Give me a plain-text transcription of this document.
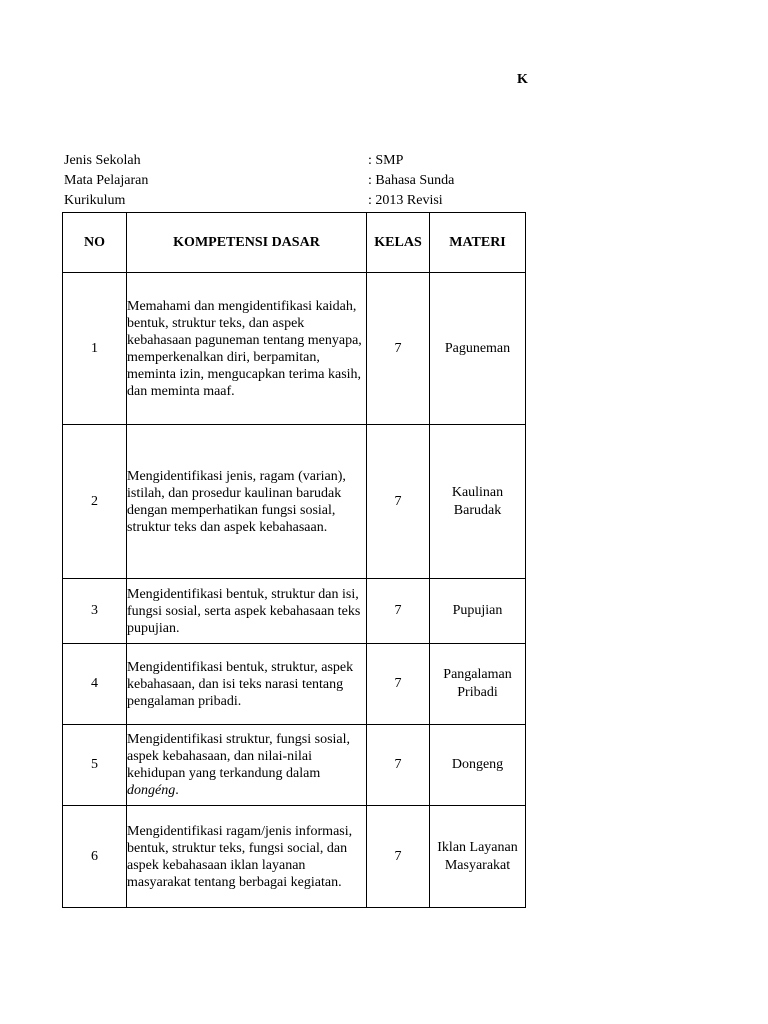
K
Jenis Sekolah	: SMP
Mata Pelajaran	: Bahasa Sunda
Kurikulum	: 2013 Revisi
NO	KOMPETENSI DASAR	KELAS	MATERI
1	Memahami dan mengidentifikasi kaidah, bentuk, struktur teks, dan aspek kebahasaan paguneman tentang menyapa, memperkenalkan diri, berpamitan, meminta izin, mengucapkan terima kasih, dan meminta maaf.	7	Paguneman
2	Mengidentifikasi jenis, ragam (varian), istilah, dan prosedur kaulinan barudak dengan memperhatikan fungsi sosial, struktur teks dan aspek kebahasaan.	7	Kaulinan Barudak
3	Mengidentifikasi bentuk, struktur dan isi, fungsi sosial, serta aspek kebahasaan teks pupujian.	7	Pupujian
4	Mengidentifikasi bentuk, struktur, aspek kebahasaan, dan isi teks narasi tentang pengalaman pribadi.	7	Pangalaman Pribadi
5	Mengidentifikasi struktur, fungsi sosial, aspek kebahasaan, dan nilai-nilai kehidupan yang terkandung dalam dongéng.	7	Dongeng
6	Mengidentifikasi ragam/jenis informasi, bentuk, struktur teks, fungsi social, dan aspek kebahasaan iklan layanan masyarakat tentang berbagai kegiatan.	7	Iklan Layanan Masyarakat
